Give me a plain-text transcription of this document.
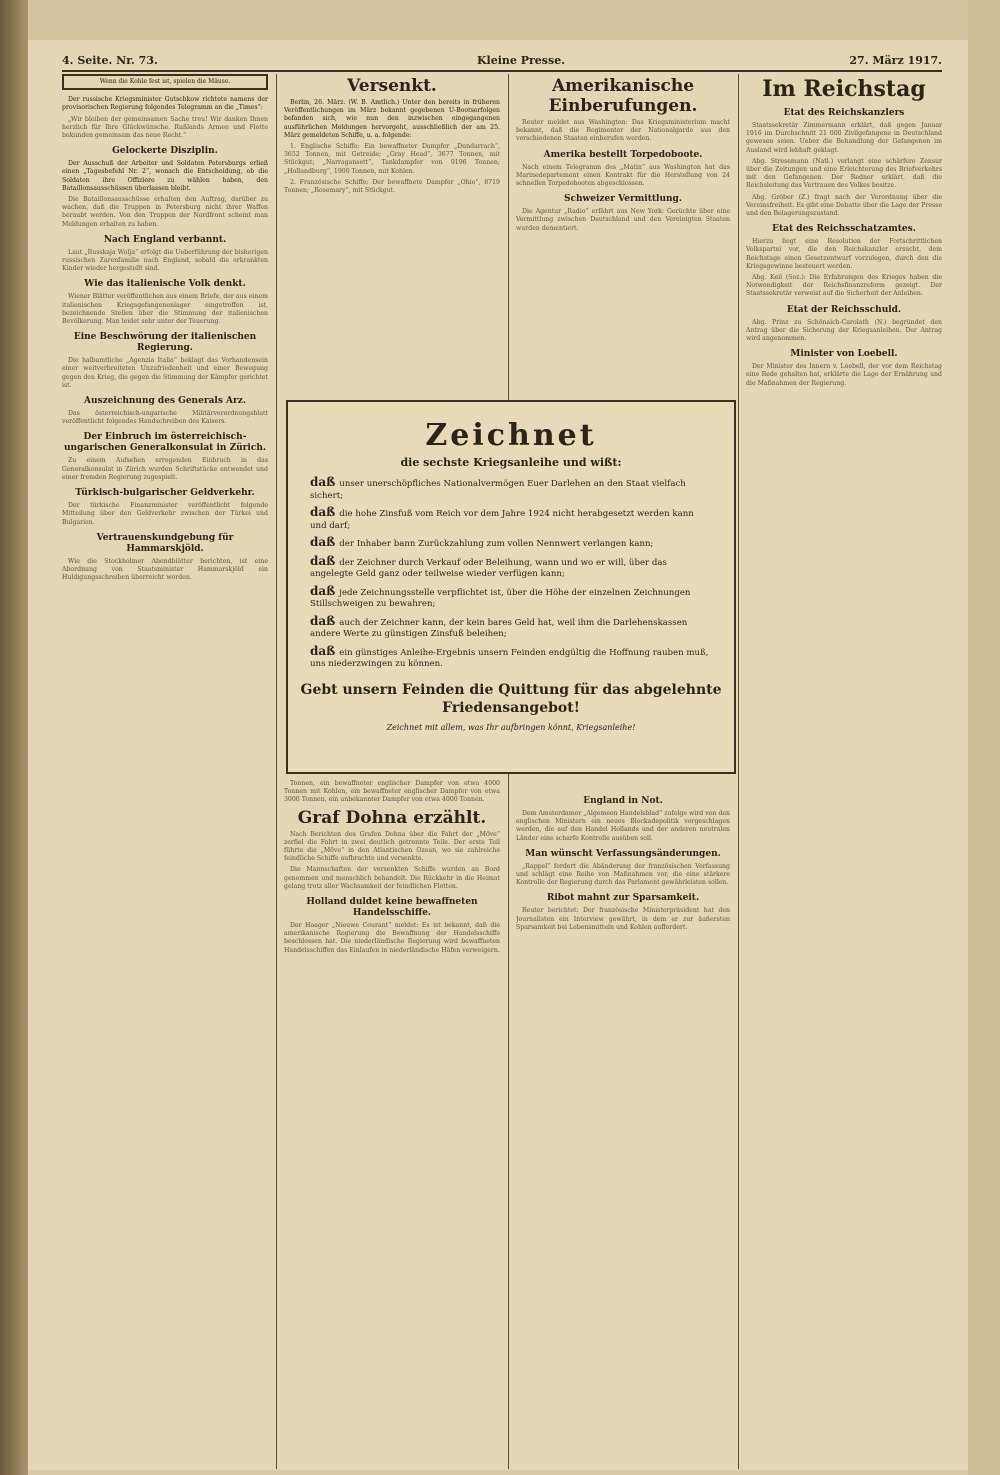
4. Seite. Nr. 73.	Kleine Presse.	27. März 1917.
Wenn die Kohle fest ist, spielen die Mäuse.

Der russische Kriegsminister Gutschkow richtete namens der provisorischen Regierung folgendes Telegramm an die „Times“:

„Wir bleiben der gemeinsamen Sache treu! Wir danken Ihnen herzlich für Ihre Glückwünsche. Rußlands Armee und Flotte bekunden gemeinsam das neue Recht.“

Gelockerte Disziplin.

Der Ausschuß der Arbeiter und Soldaten Petersburgs erließ einen „Tagesbefehl Nr. 2“, wonach die Entscheidung, ob die Soldaten ihre Offiziere zu wählen haben, den Bataillonsausschüssen überlassen bleibt.

Die Bataillonsausschüsse erhalten den Auftrag, darüber zu wachen, daß die Truppen in Petersburg nicht ihrer Waffen beraubt werden. Von den Truppen der Nordfront scheint man Meldungen erhalten zu haben.

Nach England verbannt.

Laut „Russkaja Wolja“ erfolgt die Ueberführung der bisherigen russischen Zarenfamilie nach England, sobald die erkrankten Kinder wieder hergestellt sind.

Wie das italienische Volk denkt.

Wiener Blätter veröffentlichen aus einem Briefe, der aus einem italienischen Kriegsgefangenenlager eingetroffen ist, bezeichnende Stellen über die Stimmung der italienischen Bevölkerung. Man leidet sehr unter der Teuerung.

Eine Beschwörung der italienischen Regierung.

Die halbamtliche „Agenzia Italia“ beklagt das Vorhandensein einer weitverbreiteten Unzufriedenheit und einer Bewegung gegen den Krieg, die gegen die Stimmung der Kämpfer gerichtet ist.

Auszeichnung des Generals Arz.

Das österreichisch-ungarische Militärverordnungsblatt veröffentlicht folgendes Handschreiben des Kaisers.

Der Einbruch im österreichisch-ungarischen Generalkonsulat in Zürich.

Zu einem Aufsehen erregenden Einbruch in das Generalkonsulat in Zürich wurden Schriftstücke entwendet und einer fremden Regierung zugespielt.

Türkisch-bulgarischer Geldverkehr.

Der türkische Finanzminister veröffentlicht folgende Mitteilung über den Geldverkehr zwischen der Türkei und Bulgarien.

Vertrauenskundgebung für Hammarskjöld.

Wie die Stockholmer Abendblätter berichten, ist eine Abordnung von Staatsminister Hammarskjöld ein Huldigungsschreiben überreicht worden.

Versenkt.

Berlin, 26. März. (W. B. Amtlich.) Unter den bereits in früheren Veröffentlichungen im März bekannt gegebenen U-Bootserfolgen befanden sich, wie nun den inzwischen eingegangenen ausführlichen Meldungen hervorgeht, ausschließlich der am 25. März gemeldeten Schiffe, u. a. folgende:

1. Englische Schiffe: Ein bewaffneter Dampfer „Dundarrach“, 3652 Tonnen, mit Getreide; „Gray Head“, 3677 Tonnen, mit Stückgut; „Narragansett“, Tankdampfer von 9196 Tonnen; „Hollandburg“, 1900 Tonnen, mit Kohlen.

2. Französische Schiffe: Der bewaffnete Dampfer „Ohio“, 8719 Tonnen; „Rosemary“, mit Stückgut.

Amerikanische Einberufungen.

Reuter meldet aus Washington: Das Kriegsministerium macht bekannt, daß die Regimenter der Nationalgarde aus den verschiedenen Staaten einberufen werden.

Amerika bestellt Torpedoboote.

Nach einem Telegramm des „Matin“ aus Washington hat das Marinedepartement einen Kontrakt für die Herstellung von 24 schnellen Torpedobooten abgeschlossen.

Schweizer Vermittlung.

Die Agentur „Radio“ erfährt aus New York: Gerüchte über eine Vermittlung zwischen Deutschland und den Vereinigten Staaten wurden dementiert.

Zeichnet
die sechste Kriegsanleihe und wißt:
daß unser unerschöpfliches Nationalvermögen Euer Darlehen an den Staat vielfach sichert;
daß die hohe Zinsfuß vom Reich vor dem Jahre 1924 nicht herabgesetzt werden kann und darf;
daß der Inhaber bann Zurückzahlung zum vollen Nennwert verlangen kann;
daß der Zeichner durch Verkauf oder Beleihung, wann und wo er will, über das angelegte Geld ganz oder teilweise wieder verfügen kann;
daß jede Zeichnungsstelle verpflichtet ist, über die Höhe der einzelnen Zeichnungen Stillschweigen zu bewahren;
daß auch der Zeichner kann, der kein bares Geld hat, weil ihm die Darlehenskassen andere Werte zu günstigen Zinsfuß beleihen;
daß ein günstiges Anleihe-Ergebnis unsern Feinden endgültig die Hoffnung rauben muß, uns niederzwingen zu können.
Gebt unsern Feinden die Quittung für das abgelehnte Friedensangebot!
Zeichnet mit allem, was Ihr aufbringen könnt, Kriegsanleihe!

Tonnen, ein bewaffneter englischer Dampfer von etwa 4000 Tonnen mit Kohlen, ein bewaffneter englischer Dampfer von etwa 3000 Tonnen, ein unbekannter Dampfer von etwa 4000 Tonnen.

Graf Dohna erzählt.

Nach Berichten des Grafen Dohna über die Fahrt der „Möve“ zerfiel die Fahrt in zwei deutlich getrennte Teile. Der erste Teil führte die „Möve“ in den Atlantischen Ozean, wo sie zahlreiche feindliche Schiffe aufbrachte und versenkte.

Die Mannschaften der versenkten Schiffe wurden an Bord genommen und menschlich behandelt. Die Rückkehr in die Heimat gelang trotz aller Wachsamkeit der feindlichen Flotten.

Holland duldet keine bewaffneten Handelsschiffe.

Der Haager „Nieuwe Courant“ meldet: Es ist bekannt, daß die amerikanische Regierung die Bewaffnung der Handelsschiffe beschlossen hat. Die niederländische Regierung wird bewaffneten Handelsschiffen das Einlaufen in niederländische Häfen verweigern.

England in Not.

Dem Amsterdamer „Algemeen Handelsblad“ zufolge wird von den englischen Ministern ein neues Blockadepolitik vorgeschlagen werden, die auf den Handel Hollands und der anderen neutralen Länder eine scharfe Kontrolle ausüben soll.

Man wünscht Verfassungsänderungen.

„Rappel“ fordert die Abänderung der französischen Verfassung und schlägt eine Reihe von Maßnahmen vor, die eine stärkere Kontrolle der Regierung durch das Parlament gewährleisten sollen.

Ribot mahnt zur Sparsamkeit.

Reuter berichtet: Der französische Ministerpräsident hat den Journalisten ein Interview gewährt, in dem er zur äußersten Sparsamkeit bei Lebensmitteln und Kohlen auffordert.

Im Reichstag
Etat des Reichskanzlers

Staatssekretär Zimmermann erklärt, daß gegen Januar 1916 im Durchschnitt 21 000 Zivilgefangene in Deutschland gewesen seien. Ueber die Behandlung der Gefangenen im Ausland wird lebhaft geklagt.

Abg. Stresemann (Natl.) verlangt eine schärfere Zensur über die Zeitungen und eine Erleichterung des Briefverkehrs mit den Gefangenen. Der Redner erklärt, daß die Reichsleitung das Vertrauen des Volkes besitze.

Abg. Gröber (Z.) fragt nach der Verordnung über die Vereinsfreiheit. Es gibt eine Debatte über die Lage der Presse und den Belagerungszustand.

Etat des Reichsschatzamtes.

Hierzu liegt eine Resolution der Fortschrittlichen Volkspartei vor, die den Reichskanzler ersucht, dem Reichstage einen Gesetzentwurf vorzulegen, durch den die Kriegsgewinne besteuert werden.

Abg. Keil (Soz.): Die Erfahrungen des Krieges haben die Notwendigkeit der Reichsfinanzreform gezeigt. Der Staatssekretär verweist auf die Sicherheit der Anleihen.

Etat der Reichsschuld.

Abg. Prinz zu Schönaich-Carolath (N.) begründet den Antrag über die Sicherung der Kriegsanleihen. Der Antrag wird angenommen.

Minister von Loebell.

Der Minister des Innern v. Loebell, der vor dem Reichstag eine Rede gehalten hat, erklärte die Lage der Ernährung und die Maßnahmen der Regierung.
